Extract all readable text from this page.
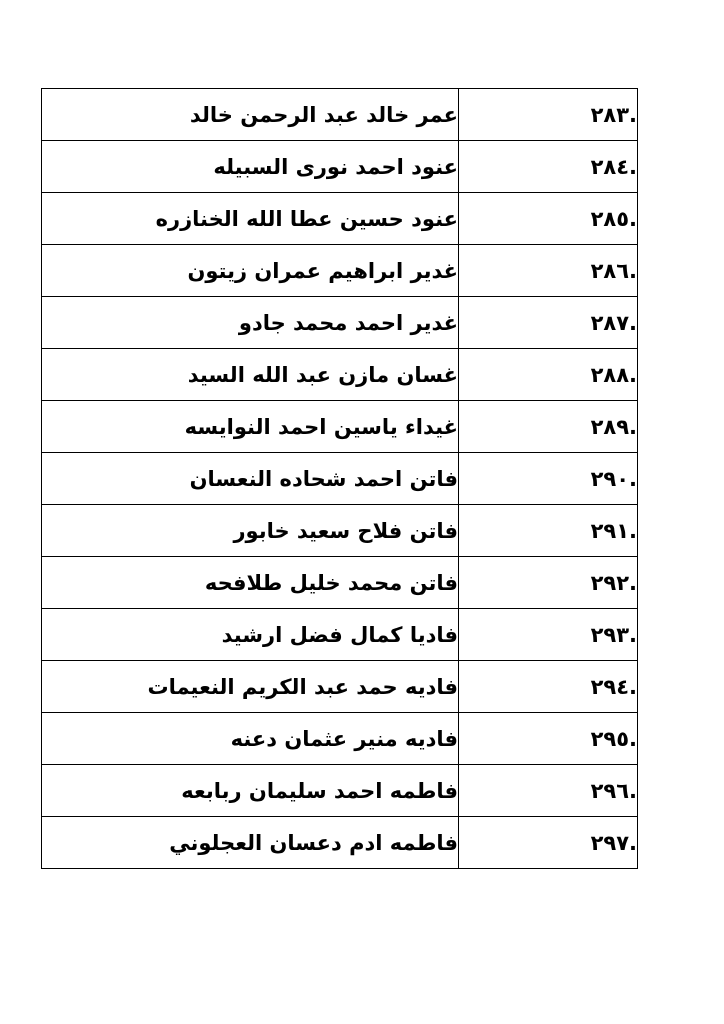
٢٨٣.	عمر خالد عبد الرحمن خالد
٢٨٤.	عنود احمد نورى السبيله
٢٨٥.	عنود حسين عطا الله الخنازره
٢٨٦.	غدير ابراهيم عمران زيتون
٢٨٧.	غدير احمد محمد جادو
٢٨٨.	غسان مازن عبد الله السيد
٢٨٩.	غيداء ياسين احمد النوايسه
٢٩٠.	فاتن احمد شحاده النعسان
٢٩١.	فاتن فلاح سعيد خابور
٢٩٢.	فاتن محمد خليل طلافحه
٢٩٣.	فاديا كمال فضل ارشيد
٢٩٤.	فاديه حمد عبد الكريم النعيمات
٢٩٥.	فاديه منير عثمان دعنه
٢٩٦.	فاطمه احمد سليمان ربابعه
٢٩٧.	فاطمه ادم دعسان العجلوني
